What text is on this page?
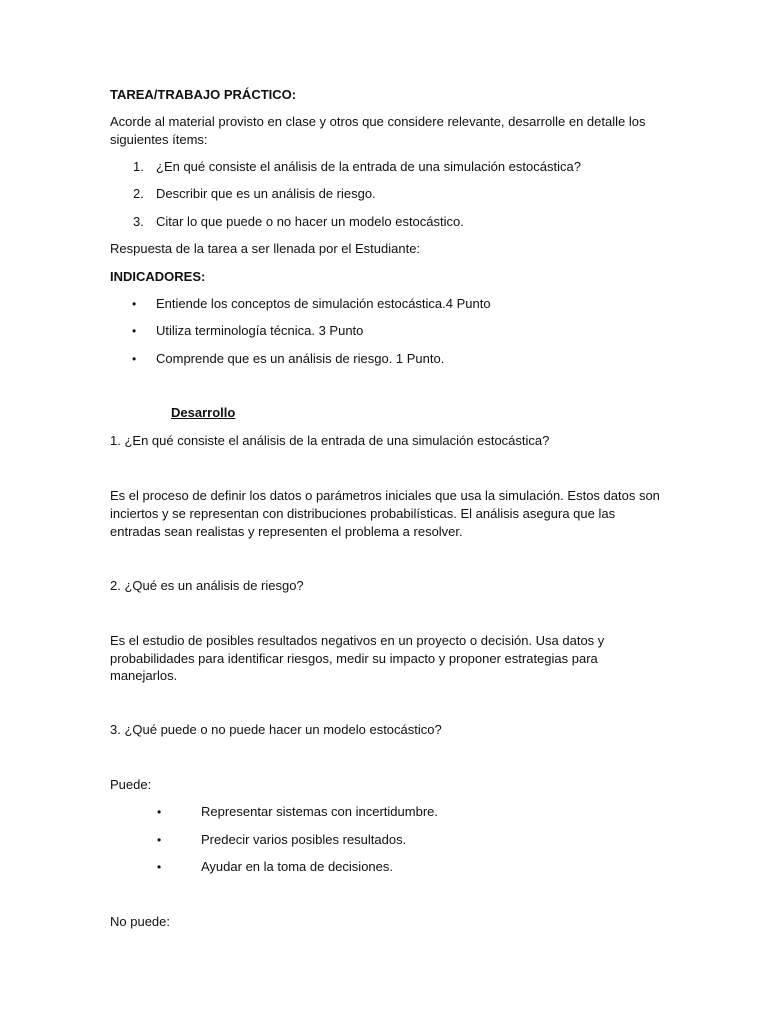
TAREA/TRABAJO PRÁCTICO:
Acorde al material provisto en clase y otros que considere relevante, desarrolle en detalle los
siguientes ítems:
1. ¿En qué consiste el análisis de la entrada de una simulación estocástica?
2. Describir que es un análisis de riesgo.
3. Citar lo que puede o no hacer un modelo estocástico.
Respuesta de la tarea a ser llenada por el Estudiante:
INDICADORES:
• Entiende los conceptos de simulación estocástica.4 Punto
• Utiliza terminología técnica. 3 Punto
• Comprende que es un análisis de riesgo. 1 Punto.
Desarrollo
1. ¿En qué consiste el análisis de la entrada de una simulación estocástica?
Es el proceso de definir los datos o parámetros iniciales que usa la simulación. Estos datos son
inciertos y se representan con distribuciones probabilísticas. El análisis asegura que las
entradas sean realistas y representen el problema a resolver.
2. ¿Qué es un análisis de riesgo?
Es el estudio de posibles resultados negativos en un proyecto o decisión. Usa datos y
probabilidades para identificar riesgos, medir su impacto y proponer estrategias para
manejarlos.
3. ¿Qué puede o no puede hacer un modelo estocástico?
Puede:
•	Representar sistemas con incertidumbre.
•	Predecir varios posibles resultados.
•	Ayudar en la toma de decisiones.
No puede:
